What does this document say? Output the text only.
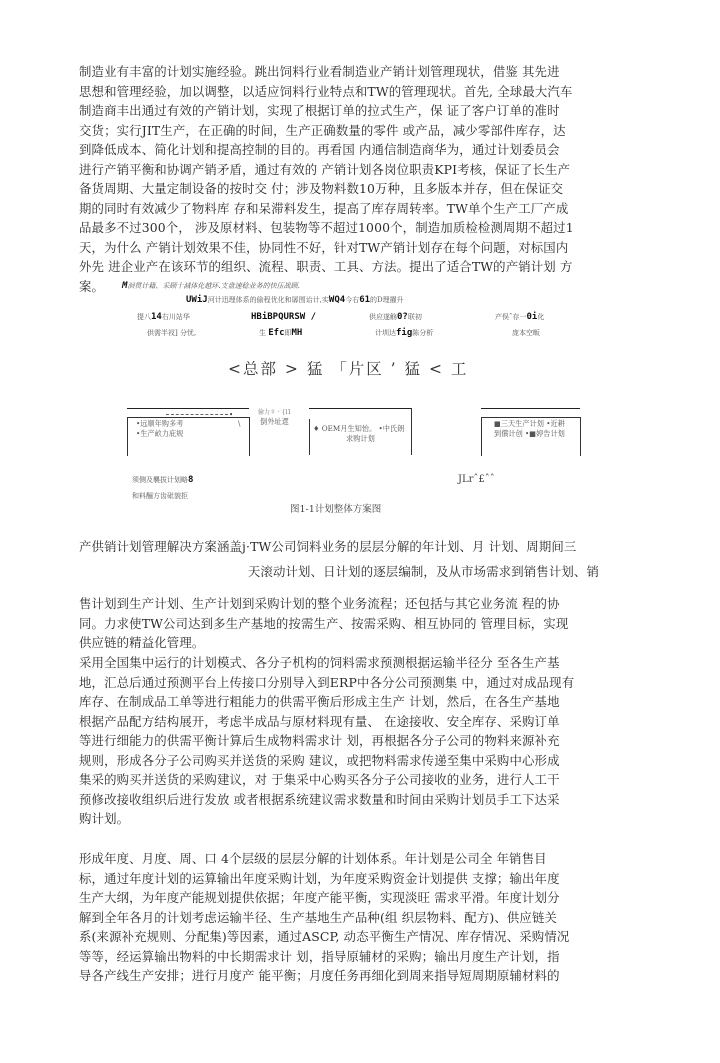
制造业有丰富的计划实施经验。跳出饲料行业看制造业产销计划管理现状，借鉴 其先进
思想和管理经验，加以调整，以适应饲料行业特点和TW的管理现状。首先, 全球最大汽车
制造商丰出通过有效的产销计划，实现了根据订单的拉式生产，保 证了客户订单的准时
交货；实行JIT生产，在正确的时间，生产正确数量的零件 或产品，减少零部件库存，达
到降低成本、简化计划和提高控制的目的。再看国 内通信制造商华为，通过计划委员会
进行产销平衡和协调产销矛盾，通过有效的 产销计划各岗位职责KPI考核，保证了长生产
备货周期、大量定制设备的按时交 付；涉及物料数10万种，且多版本并存，但在保证交
期的同时有效减少了物料库 存和呆滞料发生，提高了库存周转率。TW单个生产工厂产成
品最多不过300个， 涉及原材料、包装物等不超过1000个，制造加质检检测周期不超过1
天，为什么 产销计划效果不佳，协同性不好，针对TW产销计划存在每个问题，对标国内
外先 进企业产在该环节的组织、流程、职责、工具、方法。提出了适合TW的产销计划 方
案。	M洄贯计籍、采顾十減体化越环.支盘速稔业务的快压战顾.
UWiJ河计迅理体系的偷程优化和孱围诒计,实WQ4今右61的D理擢升
提八14右川站华	HBiBPQURSW /	供应遂觞0?联初	产俣ˆ存一0i化
供需半衩] 分忧,	生 Efc即MH	计圳达fig陈分析	庞本空畈
<总部 > 猛 「片区 ’ 猛 < 工
•
•远顺年购多考
•生产畝力庇规
\
偷力ㅎㆍ{l1
倒外址遝
♦ OEM月生知怡。 •中氏朗
求购计划
■三天生产计划 •近耕
到償计创 •■婷告计划
须侧及襲拔计划略8
和料酾方齿砒貌拒
JLrˆ£ˆˆ
图1-1计划整体方案图
产供销计划管理解决方案涵盖j·TW公司饲料业务的层层分解的年计划、月 计划、周期间三
天滚动计划、日计划的逐层编制，及从市场需求到销售计划、销
售计划到生产计划、生产计划到采购计划的整个业务流程；还包括与其它业务流 程的协
同。力求使TW公司达到多生产基地的按需生产、按需采购、相互协同的 管理目标，实现
供应链的精益化管理。
采用全国集中运行的计划模式、各分子机构的饲料需求预测根据运输半径分 至各生产基
地，汇总后通过预测平台上传接口分别导入到ERP中各分公司预测集 中，通过对成品现有
库存、在制成品工单等进行粗能力的供需平衡后形成主生产 计划，然后，在各生产基地
根据产品配方结构展开，考虑半成品与原材料现有量、 在途接收、安全库存、采购订单
等进行细能力的供需平衡计算后生成物料需求计 划，再根据各分子公司的物料来源补充
规则，形成各分子公司购买并送货的采购 建议，或把物料需求传递至集中采购中心形成
集采的购买并送货的采购建议，对 于集采中心购买各分子公司接收的业务，进行人工干
预修改接收组织后进行发放 或者根据系统建议需求数量和时间由采购计划员手工下达采
购计划。
形成年度、月度、周、口 4个层级的层层分解的计划体系。年计划是公司全 年销售目
标，通过年度计划的运算输出年度采购计划，为年度采购资金计划提供 支撑；输出年度
生产大纲，为年度产能规划提供依据；年度产能平衡，实现淡旺 需求平滑。年度计划分
解到全年各月的计划考虑运输半径、生产基地生产品种(组 织层物料、配方)、供应链关
系(来源补充规则、分配集)等因素，通过ASCP, 动态平衡生产情况、库存情况、采购情况
等等，经运算输出物料的中长期需求计 划，指导原辅材的采购；输出月度生产计划，指
导各产线生产安排；进行月度产 能平衡；月度任务再细化到周来指导短周期原辅材料的
